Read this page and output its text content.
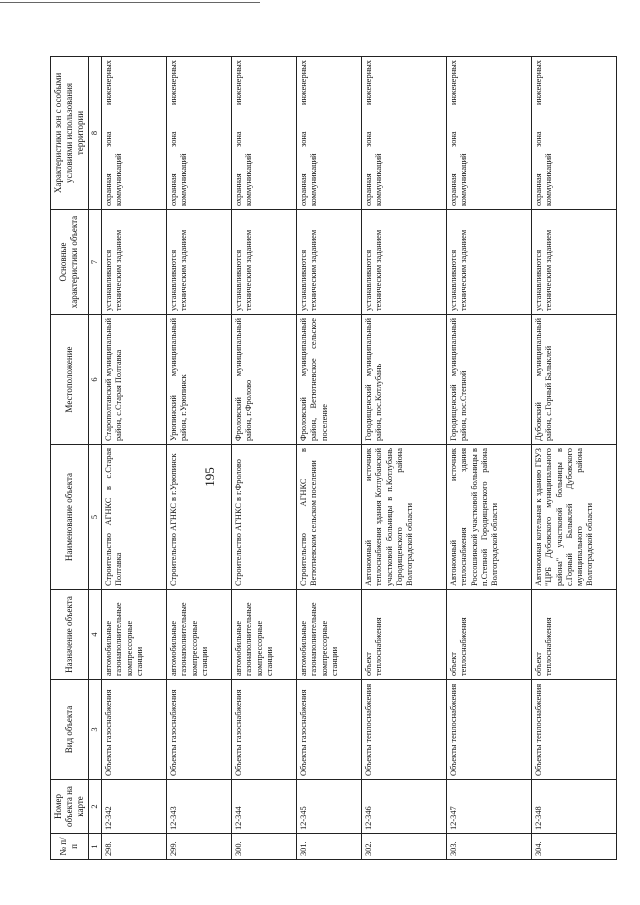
195
№ п/п	Номер объекта на карте	Вид объекта	Назначение объекта	Наименование объекта	Местоположение	Основные характеристики объекта	Характеристики зон с особыми условиями использования территории
1	2	3	4	5	6	7	8
298.	12-342	Объекты газоснабжения	автомобильные газонаполнительные компрессорные станции	Строительство АГНКС в с.Старая Полтавка	Старополтавский муниципальный район, с.Старая Полтавка	устанавливаются техническим заданием	охранная зона инженерных коммуникаций
299.	12-343	Объекты газоснабжения	автомобильные газонаполнительные компрессорные станции	Строительство АГНКС в г.Урюпинск	Урюпинский муниципальный район, г.Урюпинск	устанавливаются техническим заданием	охранная зона инженерных коммуникаций
300.	12-344	Объекты газоснабжения	автомобильные газонаполнительные компрессорные станции	Строительство АГНКС в г.Фролово	Фроловский муниципальный район, г.Фролово	устанавливаются техническим заданием	охранная зона инженерных коммуникаций
301.	12-345	Объекты газоснабжения	автомобильные газонаполнительные компрессорные станции	Строительство АГНКС в Ветютневском сельском поселении	Фроловский муниципальный район, Ветютневское сельское поселение	устанавливаются техническим заданием	охранная зона инженерных коммуникаций
302.	12-346	Объекты теплоснабжения	объект теплоснабжения	Автономный источник теплоснабжения здания Котлубанской участковой больницы в п.Котлубань Городищенского района Волгоградской области	Городищенский муниципальный район, пос.Котлубань	устанавливаются техническим заданием	охранная зона инженерных коммуникаций
303.	12-347	Объекты теплоснабжения	объект теплоснабжения	Автономный источник теплоснабжения здания Россошинской участковой больницы в п.Степной Городищенского района Волгоградской области	Городищенский муниципальный район, пос.Степной	устанавливаются техническим заданием	охранная зона инженерных коммуникаций
304.	12-348	Объекты теплоснабжения	объект теплоснабжения	Автономная котельная к зданию ГБУЗ "ЦРБ Дубовского муниципального района" участковой больницы в с.Горный Балыклей Дубовского муниципального района Волгоградской области	Дубовский муниципальный район, с.Горный Балыклей	устанавливаются техническим заданием	охранная зона инженерных коммуникаций
